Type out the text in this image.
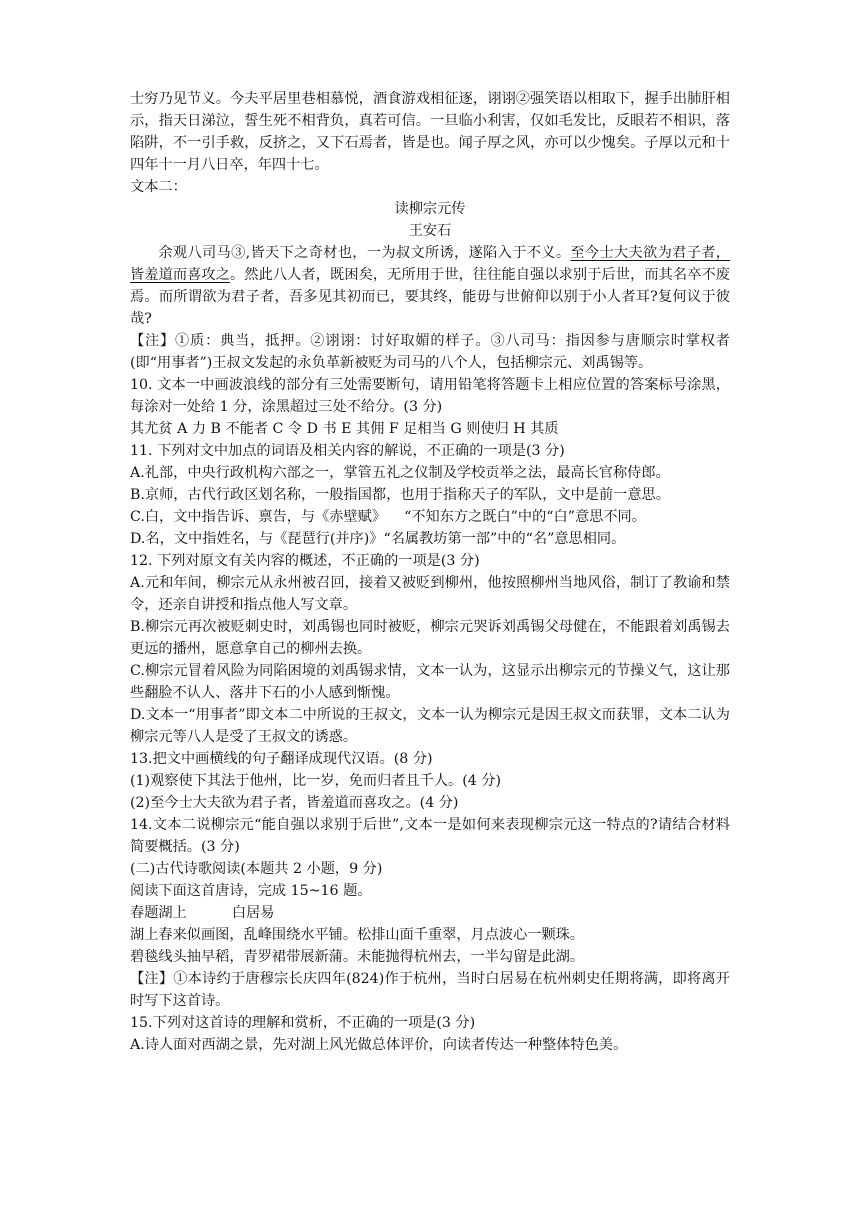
士穷乃见节义。今夫平居里巷相慕悦，酒食游戏相征逐，诩诩②强笑语以相取下，握手出肺肝相示，指天日涕泣，誓生死不相背负，真若可信。一旦临小利害，仅如毛发比，反眼若不相识，落陷阱，不一引手救，反挤之，又下石焉者，皆是也。闻子厚之风，亦可以少愧矣。子厚以元和十四年十一月八日卒，年四十七。

文本二：

读柳宗元传

王安石

余观八司马③,皆天下之奇材也，一为叔文所诱，遂陷入于不义。至今士大夫欲为君子者，皆羞道而喜攻之。然此八人者，既困矣，无所用于世，往往能自强以求别于后世，而其名卒不废焉。而所谓欲为君子者，吾多见其初而已，要其终，能毋与世俯仰以别于小人者耳?复何议于彼哉?

【注】①质：典当，抵押。②诩诩：讨好取媚的样子。③八司马：指因参与唐顺宗时掌权者(即“用事者”)王叔文发起的永负革新被贬为司马的八个人，包括柳宗元、刘禹锡等。

10. 文本一中画波浪线的部分有三处需要断句，请用铅笔将答题卡上相应位置的答案标号涂黑，每涂对一处给 1 分，涂黑超过三处不给分。(3 分)

其尤贫 A 力 B 不能者 C 令 D 书 E 其佣 F 足相当 G 则使归 H 其质

11. 下列对文中加点的词语及相关内容的解说，不正确的一项是(3 分)

A.礼部，中央行政机构六部之一，掌管五礼之仪制及学校贡举之法，最高长官称侍郎。

B.京师，古代行政区划名称，一般指国都，也用于指称天子的军队，文中是前一意思。

C.白，文中指告诉、禀告，与《赤壁赋》    “不知东方之既白”中的“白”意思不同。

D.名，文中指姓名，与《琵琶行(并序)》“名属教坊第一部”中的“名”意思相同。

12. 下列对原文有关内容的概述，不正确的一项是(3 分)

A.元和年间，柳宗元从永州被召回，接着又被贬到柳州，他按照柳州当地风俗，制订了教谕和禁令，还亲自讲授和指点他人写文章。

B.柳宗元再次被贬刺史时，刘禹锡也同时被贬，柳宗元哭诉刘禹锡父母健在，不能跟着刘禹锡去更远的播州，愿意拿自己的柳州去换。

C.柳宗元冒着风险为同陷困境的刘禹锡求情，文本一认为，这显示出柳宗元的节操义气，这让那些翻脸不认人、落井下石的小人感到惭愧。

D.文本一“用事者”即文本二中所说的王叔文，文本一认为柳宗元是因王叔文而获罪，文本二认为柳宗元等八人是受了王叔文的诱惑。

13.把文中画横线的句子翻译成现代汉语。(8 分)

(1)观察使下其法于他州，比一岁，免而归者且千人。(4 分)

(2)至今士大夫欲为君子者，皆羞道而喜攻之。(4 分)

14.文本二说柳宗元“能自强以求别于后世”,文本一是如何来表现柳宗元这一特点的?请结合材料简要概括。(3 分)

(二)古代诗歌阅读(本题共 2 小题，9 分)

阅读下面这首唐诗，完成 15~16 题。

春题湖上	白居易

湖上春来似画图，乱峰围绕水平铺。松排山面千重翠，月点波心一颗珠。

碧毯线头抽早稻，青罗裙带展新蒲。未能抛得杭州去，一半勾留是此湖。

【注】①本诗约于唐穆宗长庆四年(824)作于杭州，当时白居易在杭州刺史任期将满，即将离开时写下这首诗。

15.下列对这首诗的理解和赏析，不正确的一项是(3 分)

A.诗人面对西湖之景，先对湖上风光做总体评价，向读者传达一种整体特色美。
